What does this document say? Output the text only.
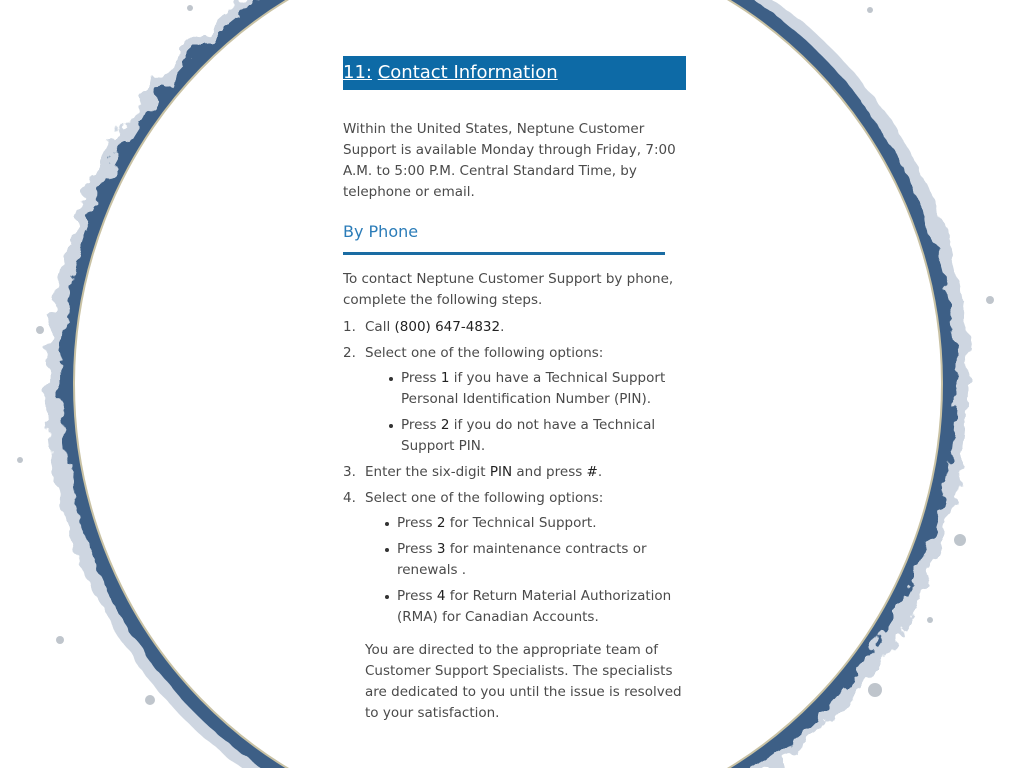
11: Contact Information
Within the United States, Neptune Customer Support is available Monday through Friday, 7:00 A.M. to 5:00 P.M. Central Standard Time, by telephone or email.
By Phone
To contact Neptune Customer Support by phone, complete the following steps.
1. Call (800) 647-4832.
2. Select one of the following options:
Press 1 if you have a Technical Support Personal Identification Number (PIN).
Press 2 if you do not have a Technical Support PIN.
3. Enter the six-digit PIN and press #.
4. Select one of the following options:
Press 2 for Technical Support.
Press 3 for maintenance contracts or renewals .
Press 4 for Return Material Authorization (RMA) for Canadian Accounts.
You are directed to the appropriate team of Customer Support Specialists. The specialists are dedicated to you until the issue is resolved to your satisfaction.
